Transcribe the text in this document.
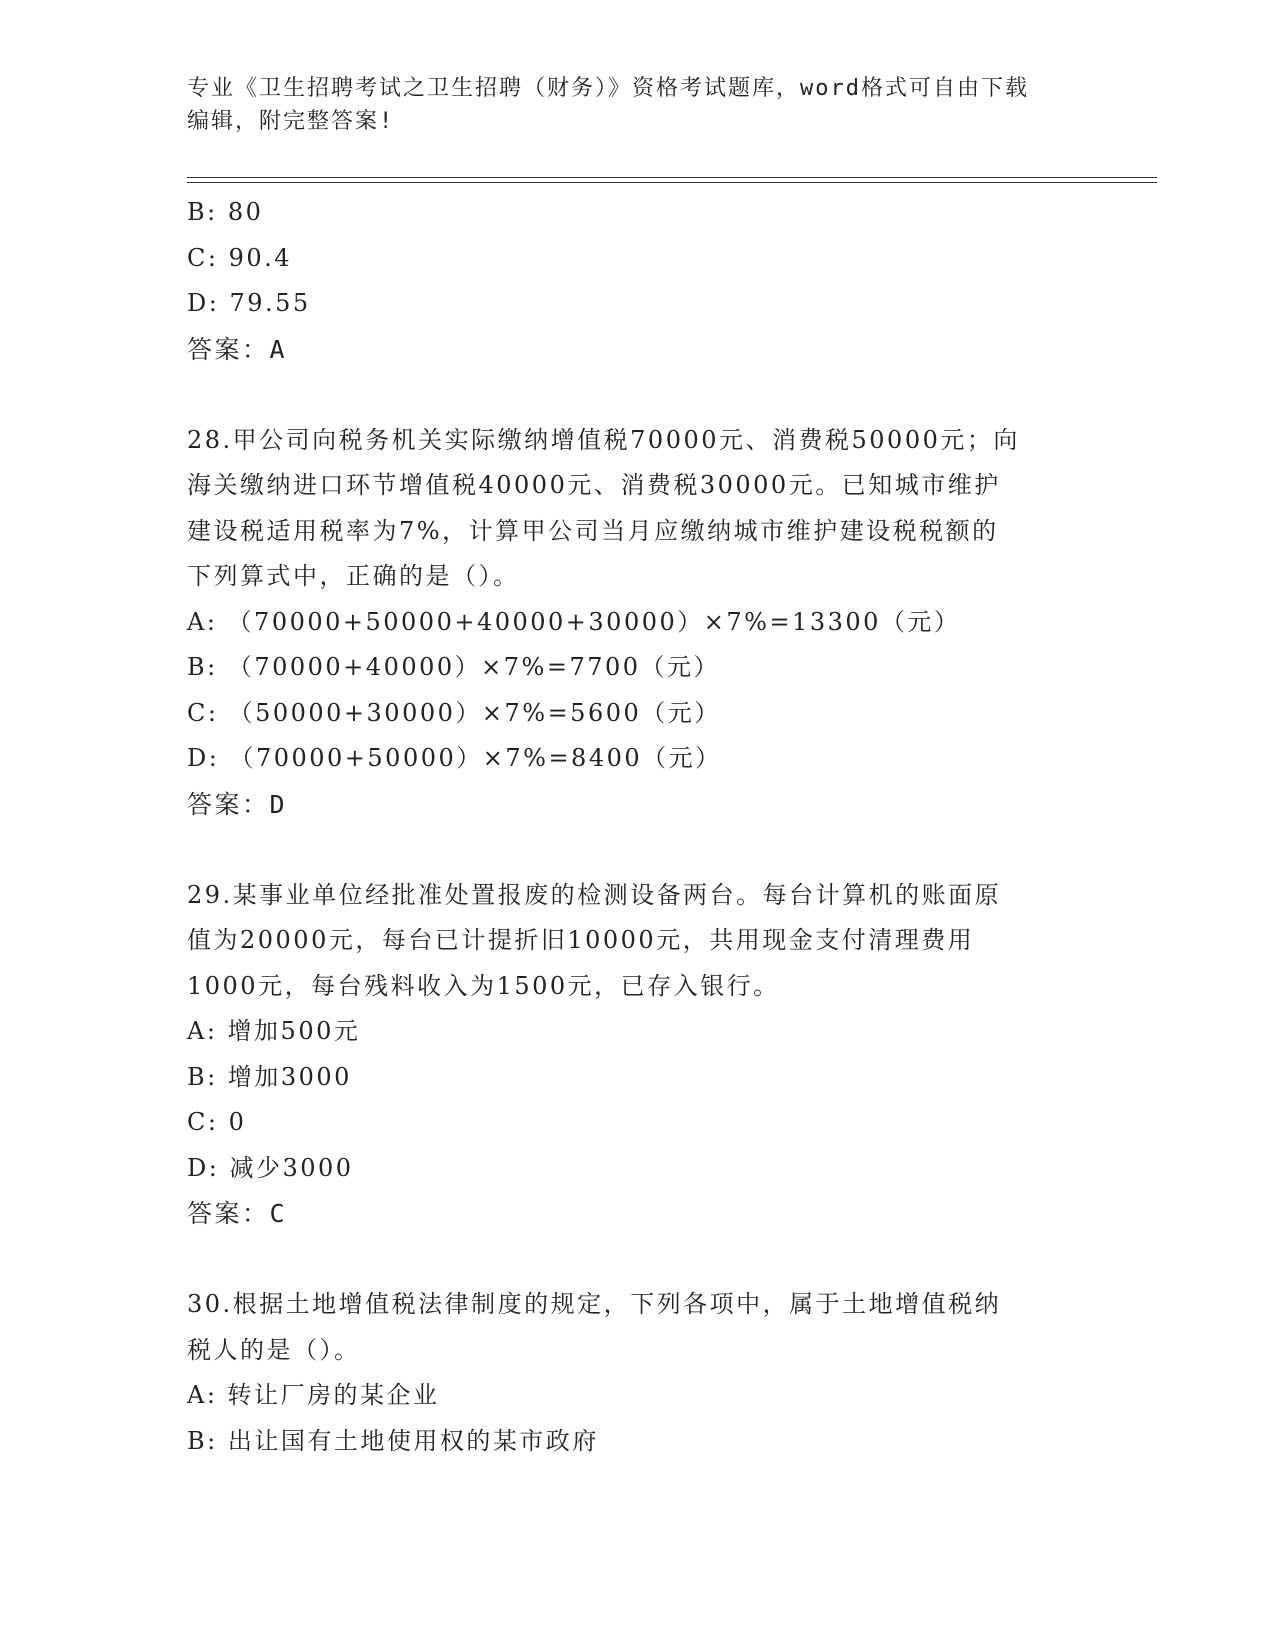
专业《卫生招聘考试之卫生招聘（财务）》资格考试题库，word格式可自由下载
编辑，附完整答案!
B: 80
C: 90.4
D: 79.55
答案：A
28.甲公司向税务机关实际缴纳增值税70000元、消费税50000元；向
海关缴纳进口环节增值税40000元、消费税30000元。已知城市维护
建设税适用税率为7%，计算甲公司当月应缴纳城市维护建设税税额的
下列算式中，正确的是（）。
A: （70000+50000+40000+30000）×7%=13300（元）
B: （70000+40000）×7%=7700（元）
C: （50000+30000）×7%=5600（元）
D: （70000+50000）×7%=8400（元）
答案：D
29.某事业单位经批准处置报废的检测设备两台。每台计算机的账面原
值为20000元，每台已计提折旧10000元，共用现金支付清理费用
1000元，每台残料收入为1500元，已存入银行。
A: 增加500元
B: 增加3000
C: 0
D: 减少3000
答案：C
30.根据土地增值税法律制度的规定，下列各项中，属于土地增值税纳
税人的是（）。
A: 转让厂房的某企业
B: 出让国有土地使用权的某市政府
